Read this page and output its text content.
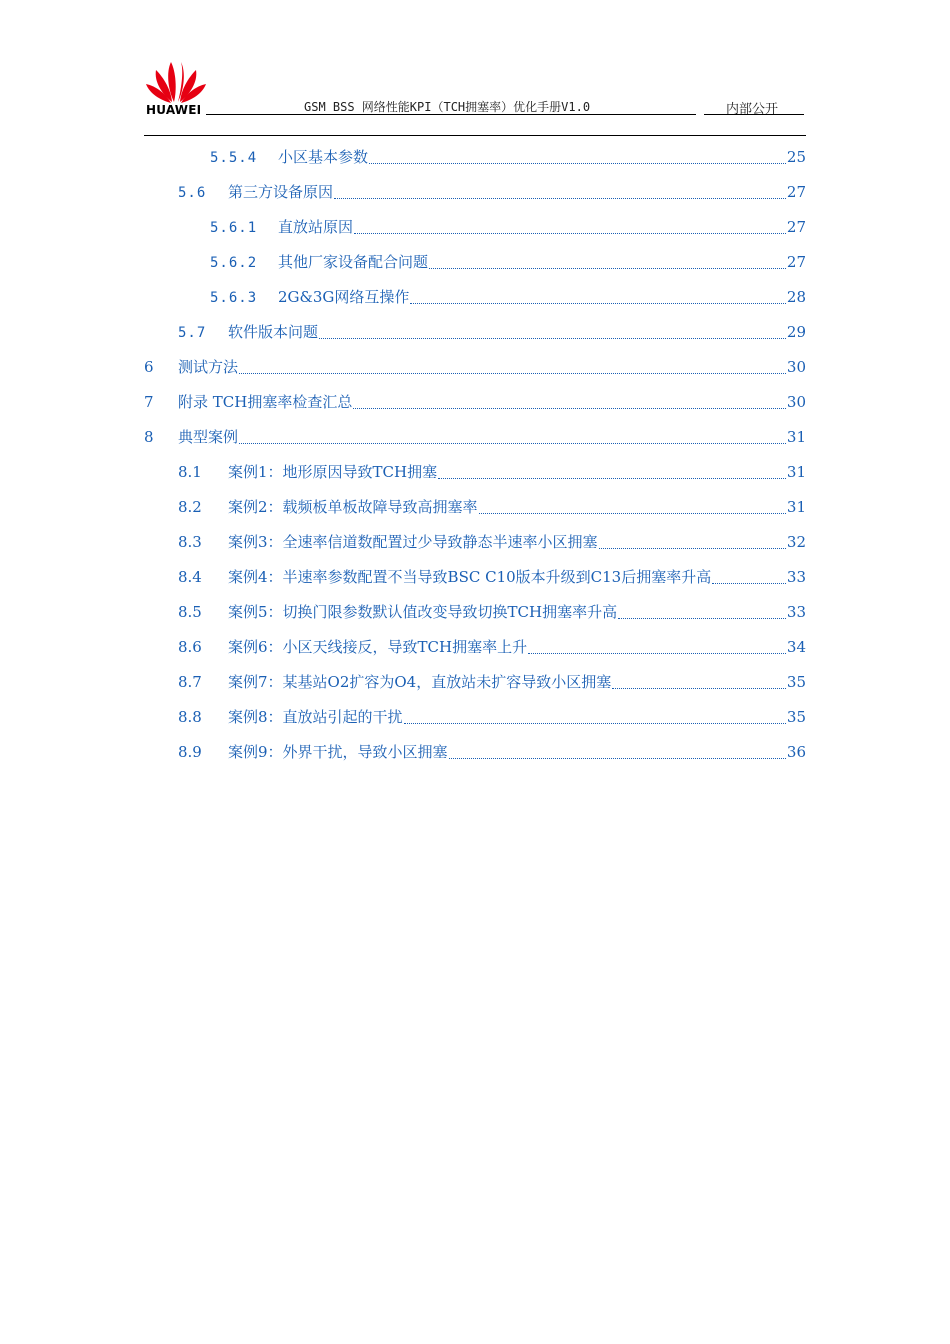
HUAWEI	GSM BSS 网络性能KPI（TCH拥塞率）优化手册V1.0	内部公开
5.5.4	小区基本参数	25
5.6	第三方设备原因	27
5.6.1	直放站原因	27
5.6.2	其他厂家设备配合问题	27
5.6.3	2G&3G网络互操作	28
5.7	软件版本问题	29
6	测试方法	30
7	附录 TCH拥塞率检查汇总	30
8	典型案例	31
8.1	案例1：地形原因导致TCH拥塞	31
8.2	案例2：载频板单板故障导致高拥塞率	31
8.3	案例3：全速率信道数配置过少导致静态半速率小区拥塞	32
8.4	案例4：半速率参数配置不当导致BSC C10版本升级到C13后拥塞率升高	33
8.5	案例5：切换门限参数默认值改变导致切换TCH拥塞率升高	33
8.6	案例6：小区天线接反，导致TCH拥塞率上升	34
8.7	案例7：某基站O2扩容为O4，直放站未扩容导致小区拥塞	35
8.8	案例8：直放站引起的干扰	35
8.9	案例9：外界干扰，导致小区拥塞	36
